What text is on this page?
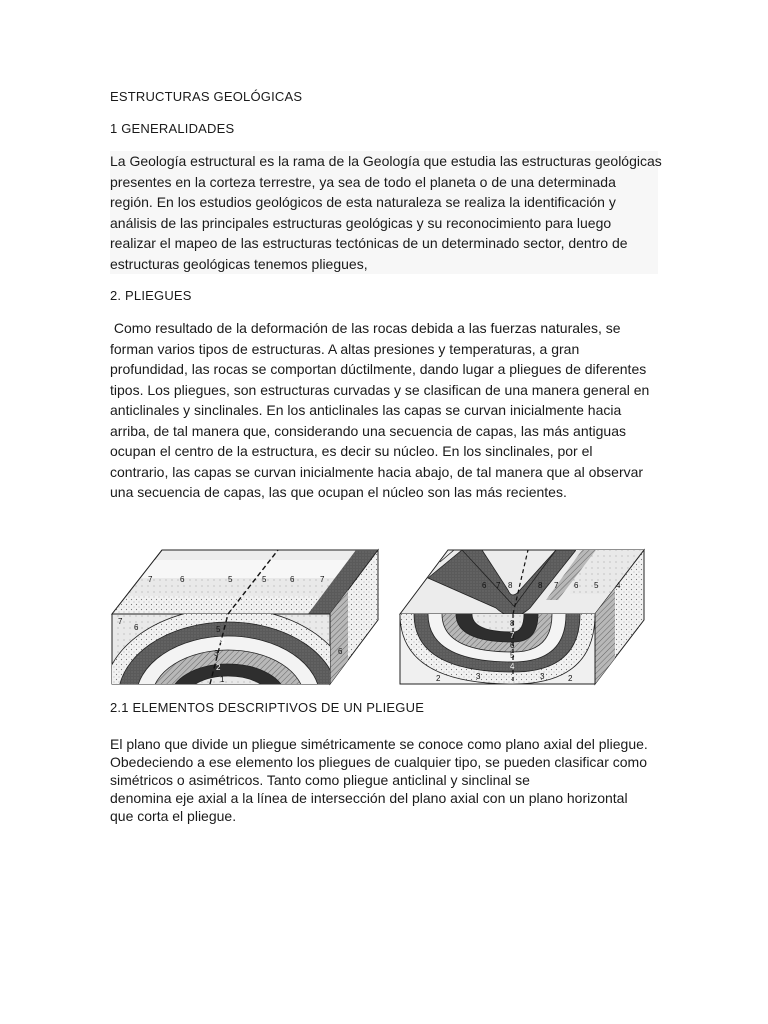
ESTRUCTURAS GEOLÓGICAS
1 GENERALIDADES
La Geología estructural es la rama de la Geología que estudia las estructuras geológicas
presentes en la corteza terrestre, ya sea de todo el planeta o de una determinada
región. En los estudios geológicos de esta naturaleza se realiza la identificación y
análisis de las principales estructuras geológicas y su reconocimiento para luego
realizar el mapeo de las estructuras tectónicas de un determinado sector, dentro de
estructuras geológicas tenemos pliegues,
2. PLIEGUES
Como resultado de la deformación de las rocas debida a las fuerzas naturales, se
forman varios tipos de estructuras. A altas presiones y temperaturas, a gran
profundidad, las rocas se comportan dúctilmente, dando lugar a pliegues de diferentes
tipos. Los pliegues, son estructuras curvadas y se clasifican de una manera general en
anticlinales y sinclinales. En los anticlinales las capas se curvan inicialmente hacia
arriba, de tal manera que, considerando una secuencia de capas, las más antiguas
ocupan el centro de la estructura, es decir su núcleo. En los sinclinales, por el
contrario, las capas se curvan inicialmente hacia abajo, de tal manera que al observar
una secuencia de capas, las que ocupan el núcleo son las más recientes.
7	6	5	5	6	7
7
6	5
4
3
2
1
6
6 7 8	8 7 6 5 4
8
7
6
5
4
3	3
2	2
2.1 ELEMENTOS DESCRIPTIVOS DE UN PLIEGUE
El plano que divide un pliegue simétricamente se conoce como plano axial del pliegue.
Obedeciendo a ese elemento los pliegues de cualquier tipo, se pueden clasificar como
simétricos o asimétricos. Tanto como pliegue anticlinal y sinclinal se
denomina eje axial a la línea de intersección del plano axial con un plano horizontal
que corta el pliegue.
